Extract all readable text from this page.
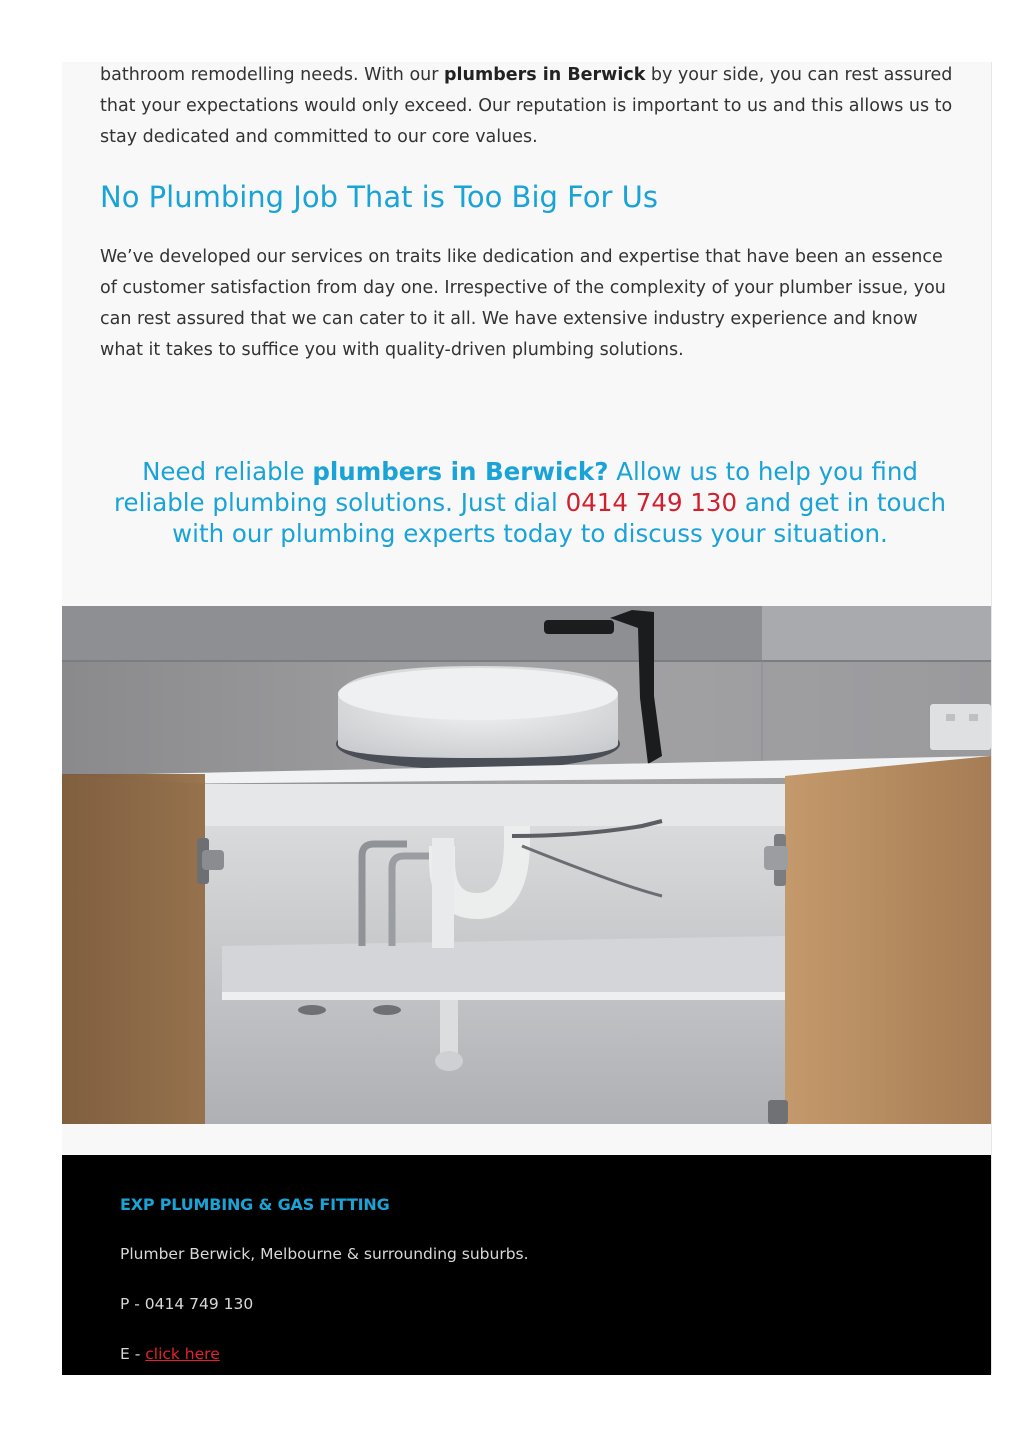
bathroom remodelling needs. With our plumbers in Berwick by your side, you can rest assured that your expectations would only exceed. Our reputation is important to us and this allows us to stay dedicated and committed to our core values.

No Plumbing Job That is Too Big For Us

We’ve developed our services on traits like dedication and expertise that have been an essence of customer satisfaction from day one. Irrespective of the complexity of your plumber issue, you can rest assured that we can cater to it all. We have extensive industry experience and know what it takes to suffice you with quality-driven plumbing solutions.

Need reliable plumbers in Berwick? Allow us to help you find reliable plumbing solutions. Just dial 0414 749 130 and get in touch with our plumbing experts today to discuss your situation.

EXP PLUMBING & GAS FITTING

Plumber Berwick, Melbourne & surrounding suburbs.

P - 0414 749 130

E - click here
